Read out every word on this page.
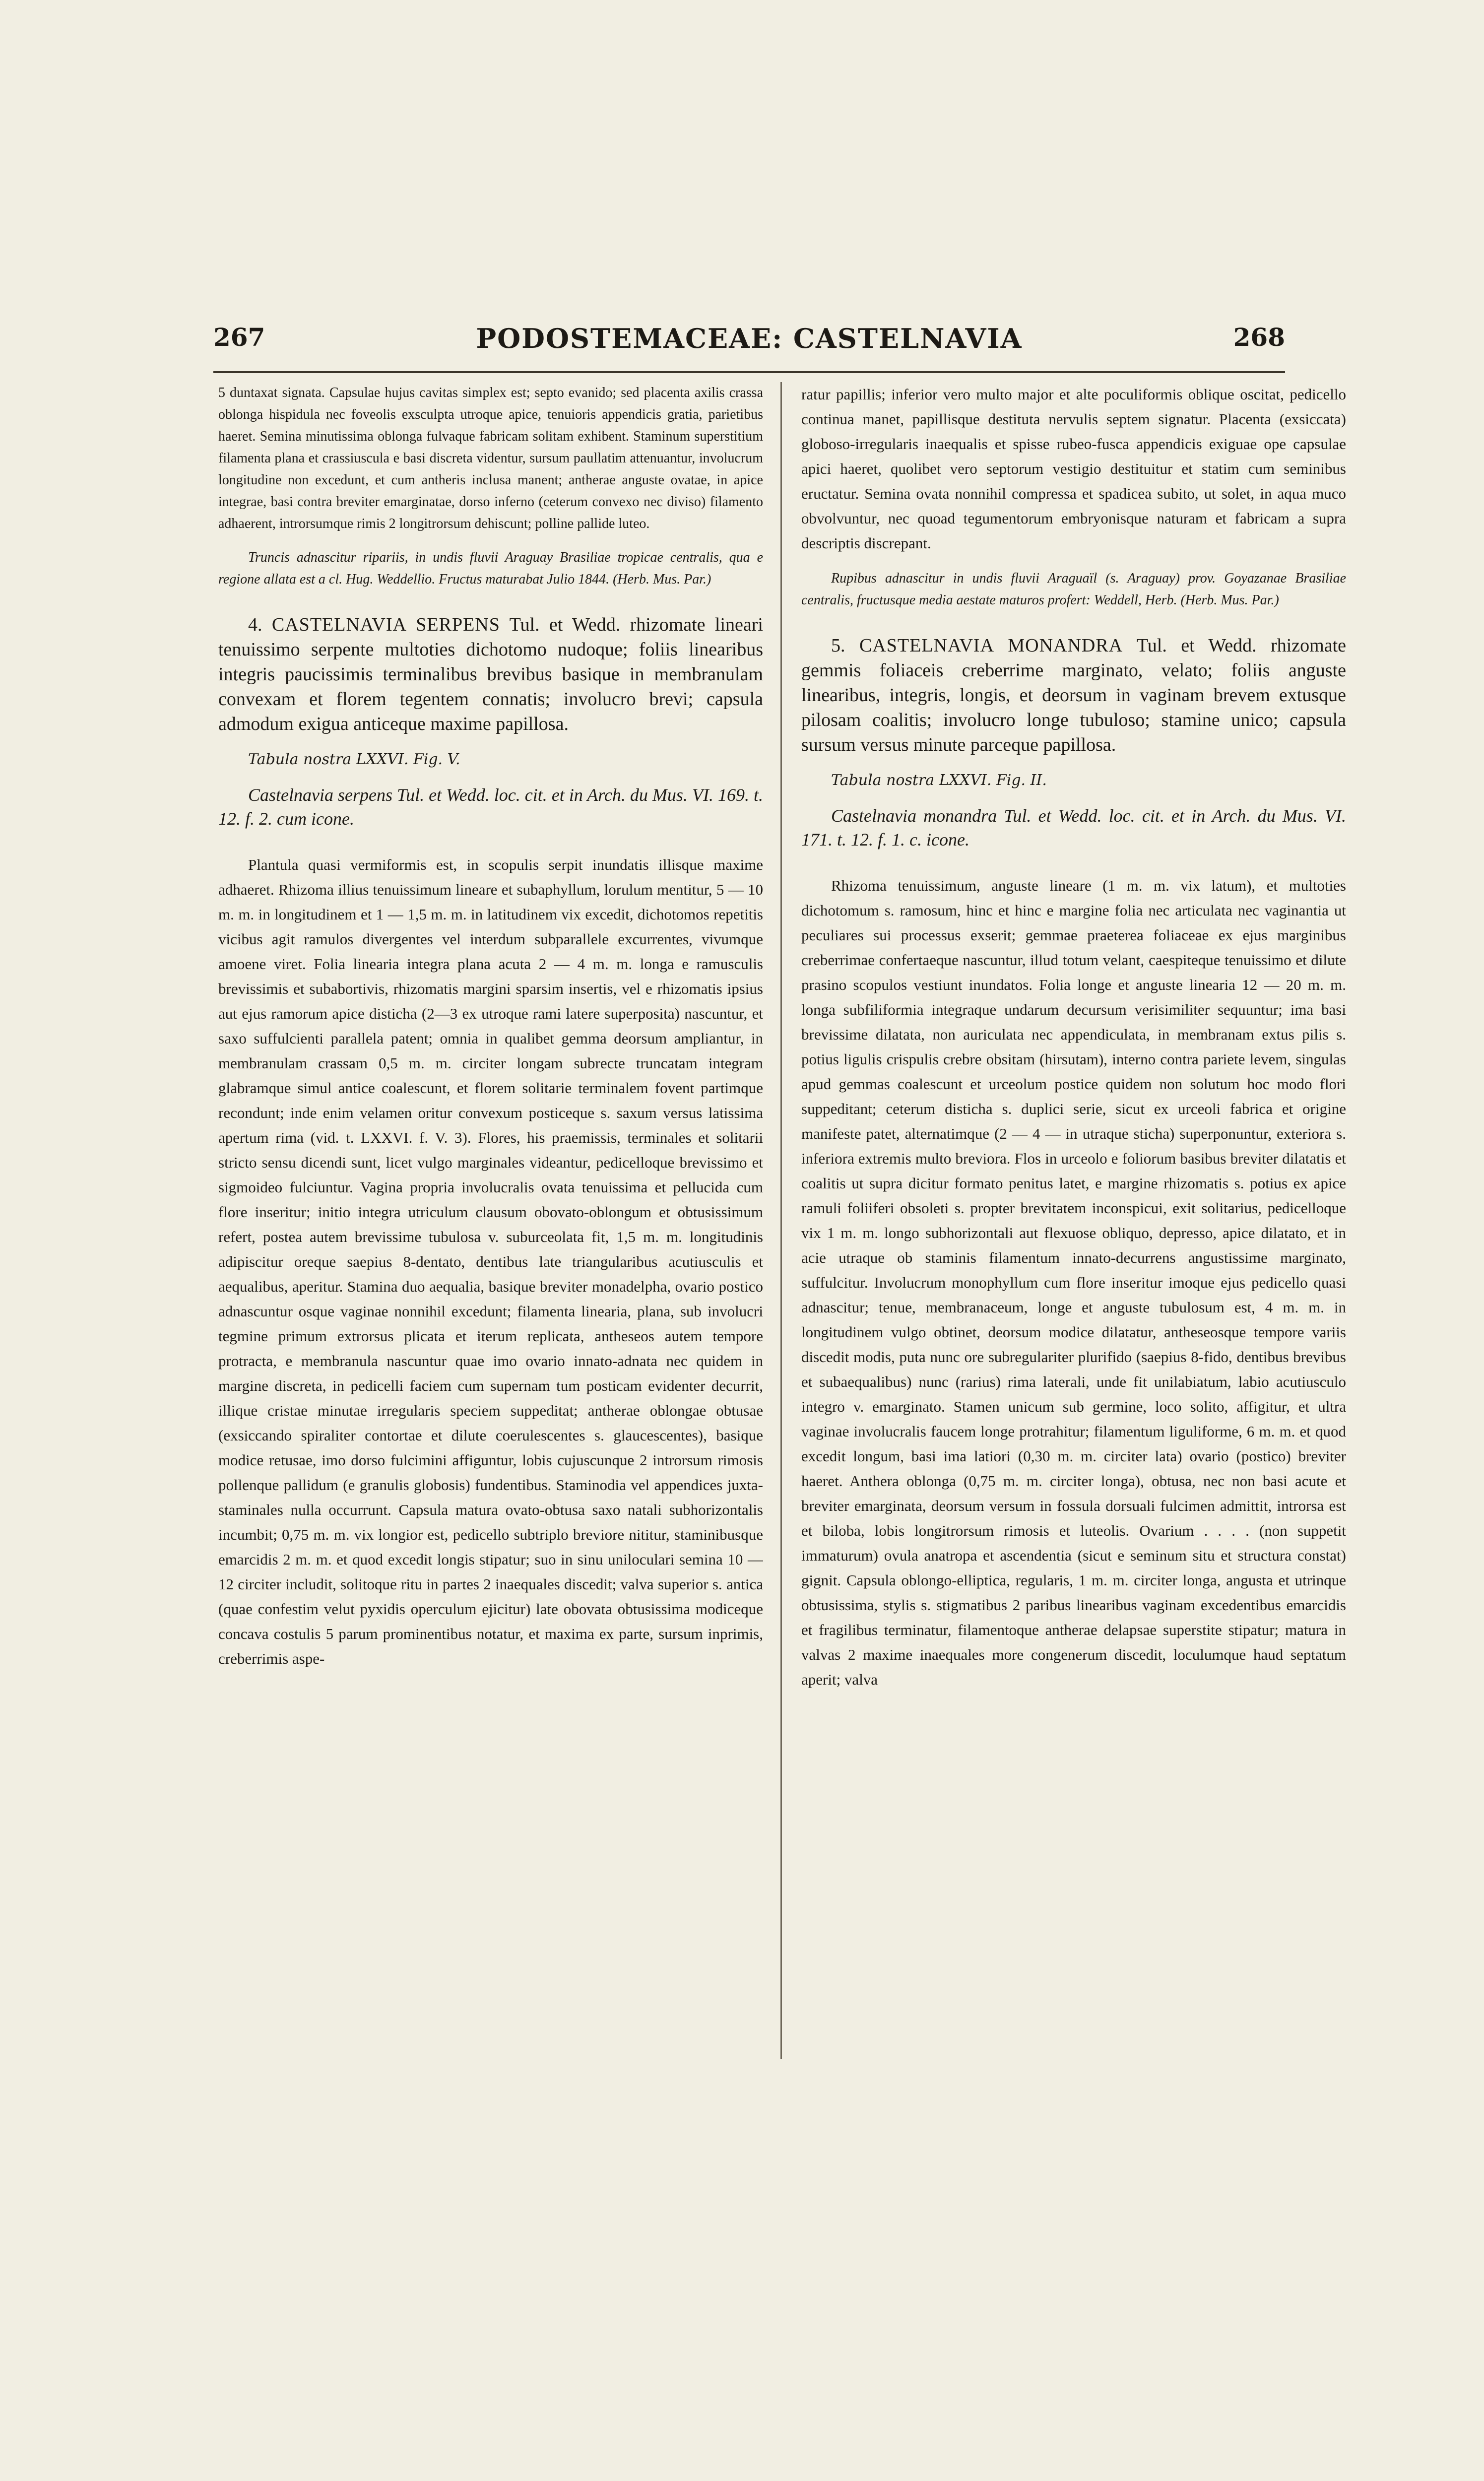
267	PODOSTEMACEAE: CASTELNAVIA	268

5 duntaxat signata. Capsulae hujus cavitas simplex est; septo evanido; sed placenta axilis crassa oblonga hispidula nec foveolis exsculpta utroque apice, tenuioris appendicis gratia, parietibus haeret. Semina minutissima oblonga fulvaque fabricam solitam exhibent. Staminum superstitium filamenta plana et crassiuscula e basi discreta videntur, sursum paullatim attenuantur, involucrum longitudine non excedunt, et cum antheris inclusa manent; antherae anguste ovatae, in apice integrae, basi contra breviter emarginatae, dorso inferno (ceterum convexo nec diviso) filamento adhaerent, introrsumque rimis 2 longitrorsum dehiscunt; polline pallide luteo.

Truncis adnascitur ripariis, in undis fluvii Araguay Brasiliae tropicae centralis, qua e regione allata est a cl. Hug. Weddellio. Fructus maturabat Julio 1844. (Herb. Mus. Par.)

4. CASTELNAVIA SERPENS Tul. et Wedd. rhizomate lineari tenuissimo serpente multoties dichotomo nudoque; foliis linearibus integris paucissimis terminalibus brevibus basique in membranulam convexam et florem tegentem connatis; involucro brevi; capsula admodum exigua anticeque maxime papillosa.

Tabula nostra LXXVI. Fig. V.

Castelnavia serpens Tul. et Wedd. loc. cit. et in Arch. du Mus. VI. 169. t. 12. f. 2. cum icone.

Plantula quasi vermiformis est, in scopulis serpit inundatis illisque maxime adhaeret. Rhizoma illius tenuissimum lineare et subaphyllum, lorulum mentitur, 5 — 10 m. m. in longitudinem et 1 — 1,5 m. m. in latitudinem vix excedit, dichotomos repetitis vicibus agit ramulos divergentes vel interdum subparallele excurrentes, vivumque amoene viret. Folia linearia integra plana acuta 2 — 4 m. m. longa e ramusculis brevissimis et subabortivis, rhizomatis margini sparsim insertis, vel e rhizomatis ipsius aut ejus ramorum apice disticha (2—3 ex utroque rami latere superposita) nascuntur, et saxo suffulcienti parallela patent; omnia in qualibet gemma deorsum ampliantur, in membranulam crassam 0,5 m. m. circiter longam subrecte truncatam integram glabramque simul antice coalescunt, et florem solitarie terminalem fovent partimque recondunt; inde enim velamen oritur convexum posticeque s. saxum versus latissima apertum rima (vid. t. LXXVI. f. V. 3). Flores, his praemissis, terminales et solitarii stricto sensu dicendi sunt, licet vulgo marginales videantur, pedicelloque brevissimo et sigmoideo fulciuntur. Vagina propria involucralis ovata tenuissima et pellucida cum flore inseritur; initio integra utriculum clausum obovato-oblongum et obtusissimum refert, postea autem brevissime tubulosa v. suburceolata fit, 1,5 m. m. longitudinis adipiscitur oreque saepius 8-dentato, dentibus late triangularibus acutiusculis et aequalibus, aperitur. Stamina duo aequalia, basique breviter monadelpha, ovario postico adnascuntur osque vaginae nonnihil excedunt; filamenta linearia, plana, sub involucri tegmine primum extrorsus plicata et iterum replicata, antheseos autem tempore protracta, e membranula nascuntur quae imo ovario innato-adnata nec quidem in margine discreta, in pedicelli faciem cum supernam tum posticam evidenter decurrit, illique cristae minutae irregularis speciem suppeditat; antherae oblongae obtusae (exsiccando spiraliter contortae et dilute coerulescentes s. glaucescentes), basique modice retusae, imo dorso fulcimini affiguntur, lobis cujuscunque 2 introrsum rimosis pollenque pallidum (e granulis globosis) fundentibus. Staminodia vel appendices juxta-staminales nulla occurrunt. Capsula matura ovato-obtusa saxo natali subhorizontalis incumbit; 0,75 m. m. vix longior est, pedicello subtriplo breviore nititur, staminibusque emarcidis 2 m. m. et quod excedit longis stipatur; suo in sinu uniloculari semina 10 — 12 circiter includit, solitoque ritu in partes 2 inaequales discedit; valva superior s. antica (quae confestim velut pyxidis operculum ejicitur) late obovata obtusissima modiceque concava costulis 5 parum prominentibus notatur, et maxima ex parte, sursum inprimis, creberrimis aspe-

ratur papillis; inferior vero multo major et alte poculiformis oblique oscitat, pedicello continua manet, papillisque destituta nervulis septem signatur. Placenta (exsiccata) globoso-irregularis inaequalis et spisse rubeo-fusca appendicis exiguae ope capsulae apici haeret, quolibet vero septorum vestigio destituitur et statim cum seminibus eructatur. Semina ovata nonnihil compressa et spadicea subito, ut solet, in aqua muco obvolvuntur, nec quoad tegumentorum embryonisque naturam et fabricam a supra descriptis discrepant.

Rupibus adnascitur in undis fluvii Araguaïl (s. Araguay) prov. Goyazanae Brasiliae centralis, fructusque media aestate maturos profert: Weddell, Herb. (Herb. Mus. Par.)

5. CASTELNAVIA MONANDRA Tul. et Wedd. rhizomate gemmis foliaceis creberrime marginato, velato; foliis anguste linearibus, integris, longis, et deorsum in vaginam brevem extusque pilosam coalitis; involucro longe tubuloso; stamine unico; capsula sursum versus minute parceque papillosa.

Tabula nostra LXXVI. Fig. II.

Castelnavia monandra Tul. et Wedd. loc. cit. et in Arch. du Mus. VI. 171. t. 12. f. 1. c. icone.

Rhizoma tenuissimum, anguste lineare (1 m. m. vix latum), et multoties dichotomum s. ramosum, hinc et hinc e margine folia nec articulata nec vaginantia ut peculiares sui processus exserit; gemmae praeterea foliaceae ex ejus marginibus creberrimae confertaeque nascuntur, illud totum velant, caespiteque tenuissimo et dilute prasino scopulos vestiunt inundatos. Folia longe et anguste linearia 12 — 20 m. m. longa subfiliformia integraque undarum decursum verisimiliter sequuntur; ima basi brevissime dilatata, non auriculata nec appendiculata, in membranam extus pilis s. potius ligulis crispulis crebre obsitam (hirsutam), interno contra pariete levem, singulas apud gemmas coalescunt et urceolum postice quidem non solutum hoc modo flori suppeditant; ceterum disticha s. duplici serie, sicut ex urceoli fabrica et origine manifeste patet, alternatimque (2 — 4 — in utraque sticha) superponuntur, exteriora s. inferiora extremis multo breviora. Flos in urceolo e foliorum basibus breviter dilatatis et coalitis ut supra dicitur formato penitus latet, e margine rhizomatis s. potius ex apice ramuli foliiferi obsoleti s. propter brevitatem inconspicui, exit solitarius, pedicelloque vix 1 m. m. longo subhorizontali aut flexuose obliquo, depresso, apice dilatato, et in acie utraque ob staminis filamentum innato-decurrens angustissime marginato, suffulcitur. Involucrum monophyllum cum flore inseritur imoque ejus pedicello quasi adnascitur; tenue, membranaceum, longe et anguste tubulosum est, 4 m. m. in longitudinem vulgo obtinet, deorsum modice dilatatur, antheseosque tempore variis discedit modis, puta nunc ore subregulariter plurifido (saepius 8-fido, dentibus brevibus et subaequalibus) nunc (rarius) rima laterali, unde fit unilabiatum, labio acutiusculo integro v. emarginato. Stamen unicum sub germine, loco solito, affigitur, et ultra vaginae involucralis faucem longe protrahitur; filamentum liguliforme, 6 m. m. et quod excedit longum, basi ima latiori (0,30 m. m. circiter lata) ovario (postico) breviter haeret. Anthera oblonga (0,75 m. m. circiter longa), obtusa, nec non basi acute et breviter emarginata, deorsum versum in fossula dorsuali fulcimen admittit, introrsa est et biloba, lobis longitrorsum rimosis et luteolis. Ovarium . . . . (non suppetit immaturum) ovula anatropa et ascendentia (sicut e seminum situ et structura constat) gignit. Capsula oblongo-elliptica, regularis, 1 m. m. circiter longa, angusta et utrinque obtusissima, stylis s. stigmatibus 2 paribus linearibus vaginam excedentibus emarcidis et fragilibus terminatur, filamentoque antherae delapsae superstite stipatur; matura in valvas 2 maxime inaequales more congenerum discedit, loculumque haud septatum aperit; valva
